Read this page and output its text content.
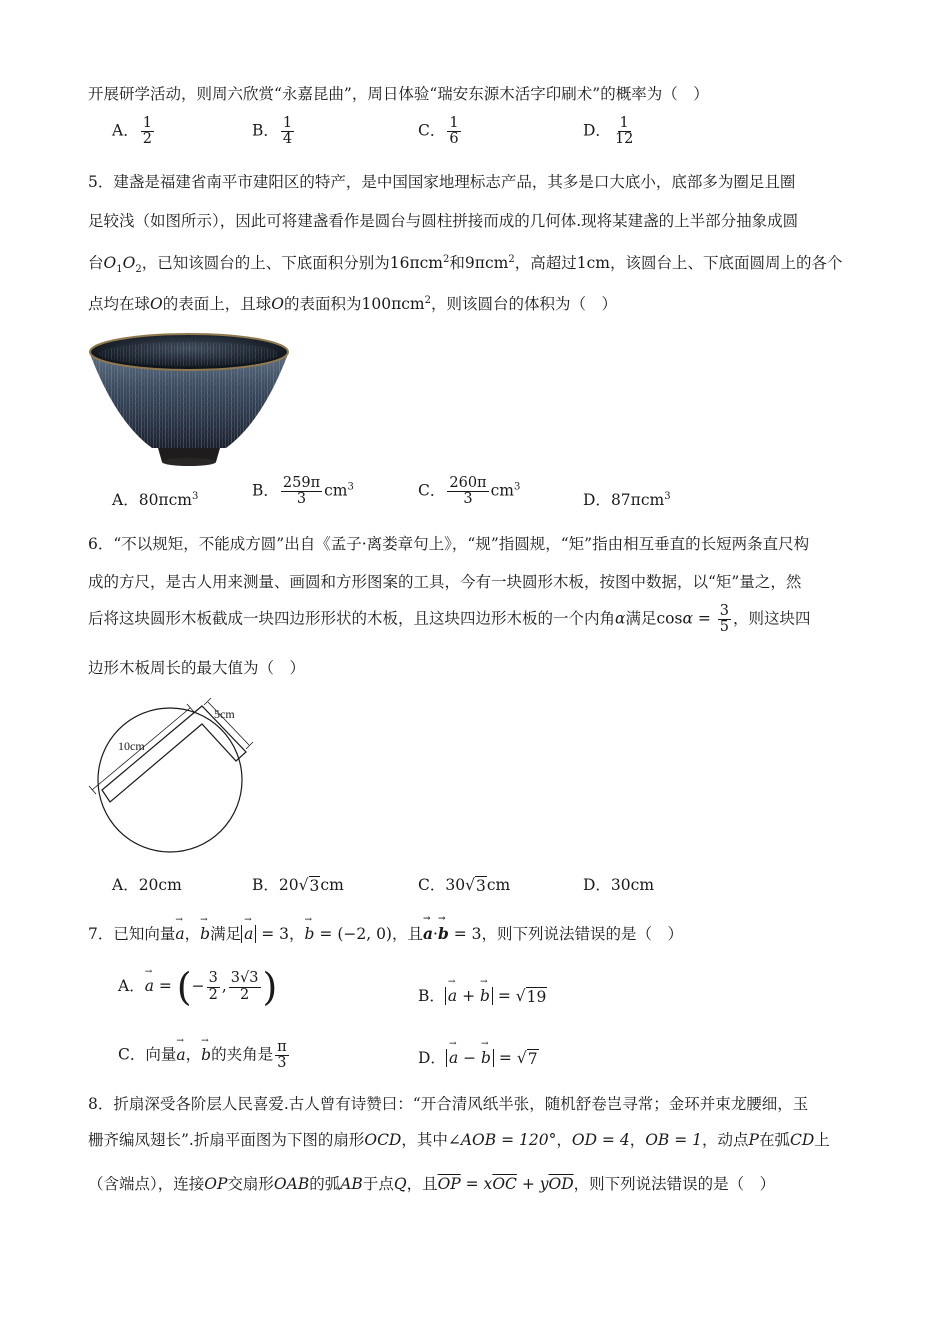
开展研学活动，则周六欣赏“永嘉昆曲”，周日体验“瑞安东源木活字印刷术”的概率为（　）
A． $\frac{1}{2}$	B． $\frac{1}{4}$	C． $\frac{1}{6}$	D． $\frac{1}{12}$
5．建盏是福建省南平市建阳区的特产，是中国国家地理标志产品，其多是口大底小，底部多为圈足且圈
足较浅（如图所示），因此可将建盏看作是圆台与圆柱拼接而成的几何体.现将某建盏的上半部分抽象成圆
台$O_1O_2$，已知该圆台的上、下底面积分别为16πcm$^2$和9πcm$^2$，高超过1cm，该圆台上、下底面圆周上的各个
点均在球O的表面上，且球O的表面积为100πcm$^2$，则该圆台的体积为（　）
A．80πcm$^3$	B． $\frac{259\pi}{3} cm^3$	C． $\frac{260\pi}{3} cm^3$
D．87πcm$^3$
6．“不以规矩，不能成方圆”出自《孟子·离娄章句上》，“规”指圆规，“矩”指由相互垂直的长短两条直尺构
成的方尺，是古人用来测量、画圆和方形图案的工具，今有一块圆形木板，按图中数据，以“矩”量之，然
后将这块圆形木板截成一块四边形形状的木板，且这块四边形木板的一个内角α满足$\cos\alpha = \frac{3}{5}$ ，则这块四
边形木板周长的最大值为（　）
10cm
5cm
A．20cm	B．20√ 3 cm	C．30√ 3 cm	D．30cm
7．已知向量→ a，→ b满足 → a = 3，→ b = (−2, 0)，且→ a·→ b = 3，则下列说法错误的是（　）
A．→ a = (− $\frac{3}{2}$ , $\frac{3√3}{2}$ )	B． → a + → b = √ 19
C．向量→ a，→ b的夹角是 $\frac{\pi}{3}$	D． → a − → b = √ 7
8．折扇深受各阶层人民喜爱.古人曾有诗赞曰：“开合清风纸半张，随机舒卷岂寻常；金环并束龙腰细，玉
栅齐编凤翅长”.折扇平面图为下图的扇形OCD，其中∠AOB = 120°，OD = 4，OB = 1，动点P在弧CD上
（含端点），连接OP交扇形OAB的弧AB于点Q，且$\overline{OP} = x\overline{OC} + y\overline{OD}$，则下列说法错误的是（　）
